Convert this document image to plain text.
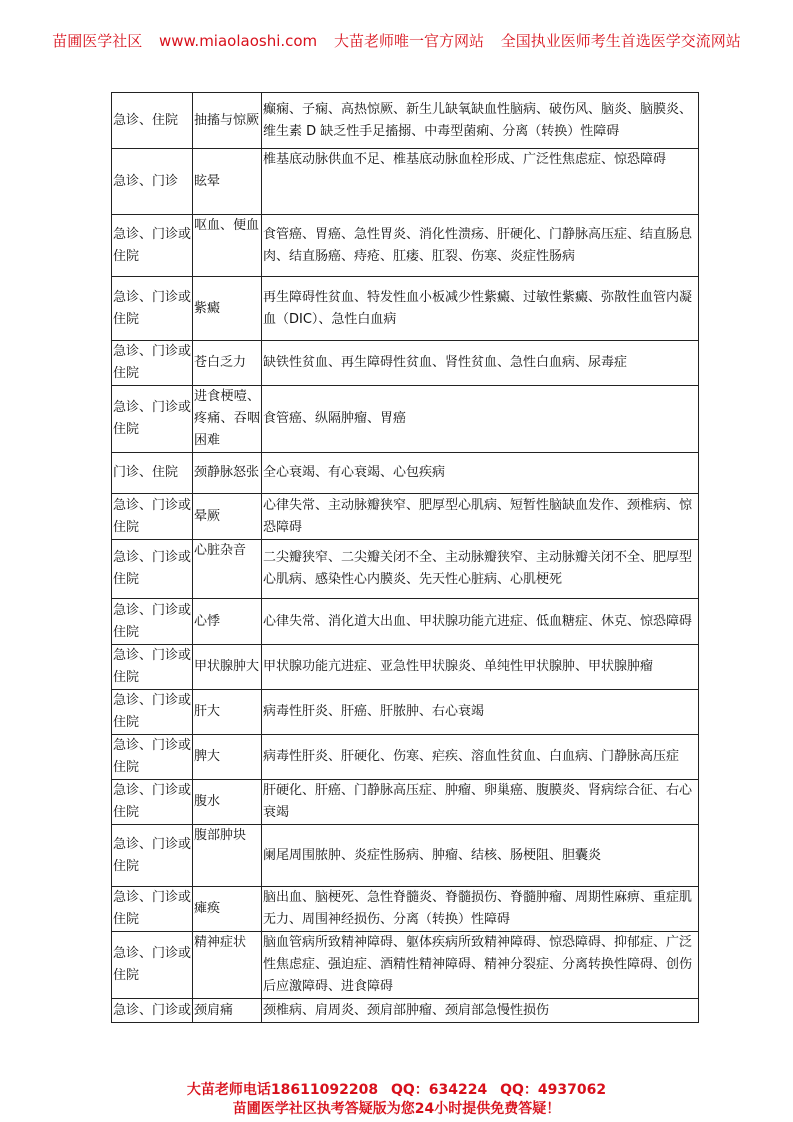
苗圃医学社区 www.miaolaoshi.com 大苗老师唯一官方网站 全国执业医师考生首选医学交流网站
急诊、住院	抽搐与惊厥	癫痫、子痫、高热惊厥、新生儿缺氧缺血性脑病、破伤风、脑炎、脑膜炎、维生素 D 缺乏性手足搐搦、中毒型菌痢、分离（转换）性障碍
急诊、门诊	眩晕	椎基底动脉供血不足、椎基底动脉血栓形成、广泛性焦虑症、惊恐障碍
急诊、门诊或住院	呕血、便血	食管癌、胃癌、急性胃炎、消化性溃疡、肝硬化、门静脉高压症、结直肠息肉、结直肠癌、痔疮、肛瘘、肛裂、伤寒、炎症性肠病
急诊、门诊或住院	紫癜	再生障碍性贫血、特发性血小板减少性紫癜、过敏性紫癜、弥散性血管内凝血（DIC）、急性白血病
急诊、门诊或住院	苍白乏力	缺铁性贫血、再生障碍性贫血、肾性贫血、急性白血病、尿毒症
急诊、门诊或住院	进食梗噎、疼痛、吞咽困难	食管癌、纵隔肿瘤、胃癌
门诊、住院	颈静脉怒张	全心衰竭、有心衰竭、心包疾病
急诊、门诊或住院	晕厥	心律失常、主动脉瓣狭窄、肥厚型心肌病、短暂性脑缺血发作、颈椎病、惊恐障碍
急诊、门诊或住院	心脏杂音	二尖瓣狭窄、二尖瓣关闭不全、主动脉瓣狭窄、主动脉瓣关闭不全、肥厚型心肌病、感染性心内膜炎、先天性心脏病、心肌梗死
急诊、门诊或住院	心悸	心律失常、消化道大出血、甲状腺功能亢进症、低血糖症、休克、惊恐障碍
急诊、门诊或住院	甲状腺肿大	甲状腺功能亢进症、亚急性甲状腺炎、单纯性甲状腺肿、甲状腺肿瘤
急诊、门诊或住院	肝大	病毒性肝炎、肝癌、肝脓肿、右心衰竭
急诊、门诊或住院	脾大	病毒性肝炎、肝硬化、伤寒、疟疾、溶血性贫血、白血病、门静脉高压症
急诊、门诊或住院	腹水	肝硬化、肝癌、门静脉高压症、肿瘤、卵巢癌、腹膜炎、肾病综合征、右心衰竭
急诊、门诊或住院	腹部肿块	阑尾周围脓肿、炎症性肠病、肿瘤、结核、肠梗阻、胆囊炎
急诊、门诊或住院	瘫痪	脑出血、脑梗死、急性脊髓炎、脊髓损伤、脊髓肿瘤、周期性麻痹、重症肌无力、周围神经损伤、分离（转换）性障碍
急诊、门诊或住院	精神症状	脑血管病所致精神障碍、躯体疾病所致精神障碍、惊恐障碍、抑郁症、广泛性焦虑症、强迫症、酒精性精神障碍、精神分裂症、分离转换性障碍、创伤后应激障碍、进食障碍
急诊、门诊或	颈肩痛	颈椎病、肩周炎、颈肩部肿瘤、颈肩部急慢性损伤
大苗老师电话18611092208 QQ：634224 QQ：4937062
苗圃医学社区执考答疑版为您24小时提供免费答疑！
